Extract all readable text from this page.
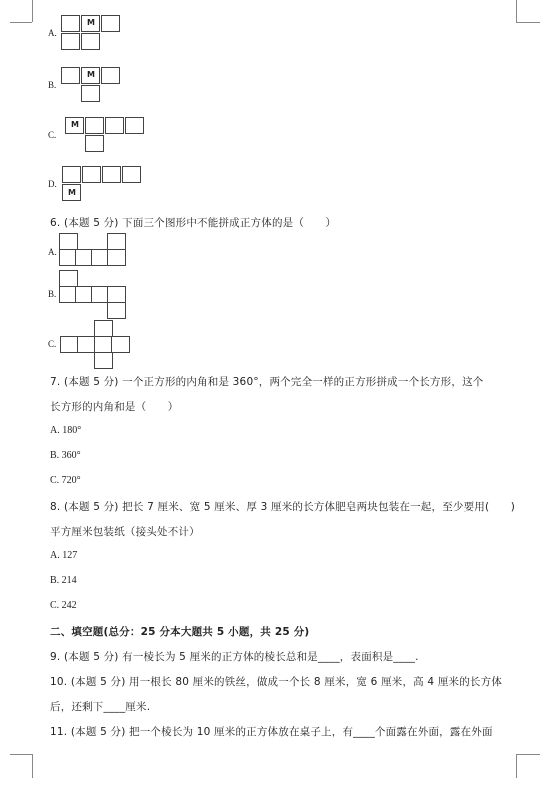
A.
M
B.
M
C.
M
D.
M
6. (本题 5 分) 下面三个图形中不能拼成正方体的是（　　）
A.
B.
C.
7. (本题 5 分) 一个正方形的内角和是 360°，两个完全一样的正方形拼成一个长方形，这个
长方形的内角和是（　　）
A. 180°
B. 360°
C. 720°
8. (本题 5 分) 把长 7 厘米、宽 5 厘米、厚 3 厘米的长方体肥皂两块包装在一起，至少要用(　　)
平方厘米包装纸（接头处不计）
A. 127
B. 214
C. 242
二、填空题(总分：25 分本大题共 5 小题，共 25 分)
9. (本题 5 分) 有一棱长为 5 厘米的正方体的棱长总和是____，表面积是____.
10. (本题 5 分) 用一根长 80 厘米的铁丝，做成一个长 8 厘米，宽 6 厘米，高 4 厘米的长方体
后，还剩下____厘米.
11. (本题 5 分) 把一个棱长为 10 厘米的正方体放在桌子上，有____个面露在外面，露在外面
